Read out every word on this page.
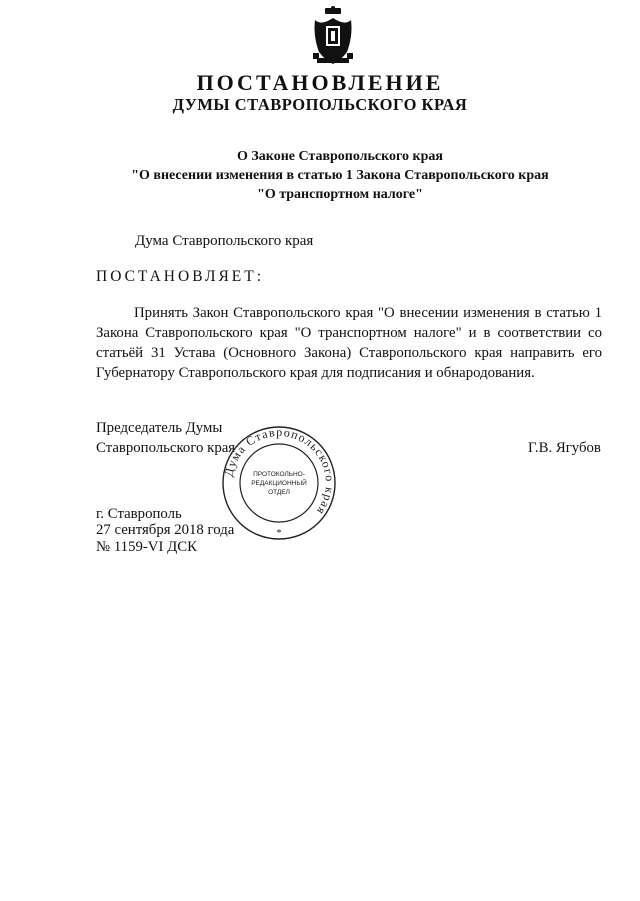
ПОСТАНОВЛЕНИЕ
ДУМЫ СТАВРОПОЛЬСКОГО КРАЯ
О Законе Ставропольского края
"О внесении изменения в статью 1 Закона Ставропольского края
"О транспортном налоге"
Дума Ставропольского края
ПОСТАНОВЛЯЕТ:

Принять Закон Ставропольского края "О внесении изменения в статью 1 Закона Ставропольского края "О транспортном налоге" и в соответствии со статьёй 31 Устава (Основного Закона) Ставропольского края направить его Губернатору Ставропольского края для подписания и обнародования.

Председатель Думы
Ставропольского края	Г.В. Ягубов
г. Ставрополь
27 сентября 2018 года
№ 1159-VI ДСК
Дума Ставропольского края
ПРОТОКОЛЬНО-
РЕДАКЦИОННЫЙ
ОТДЕЛ
*
